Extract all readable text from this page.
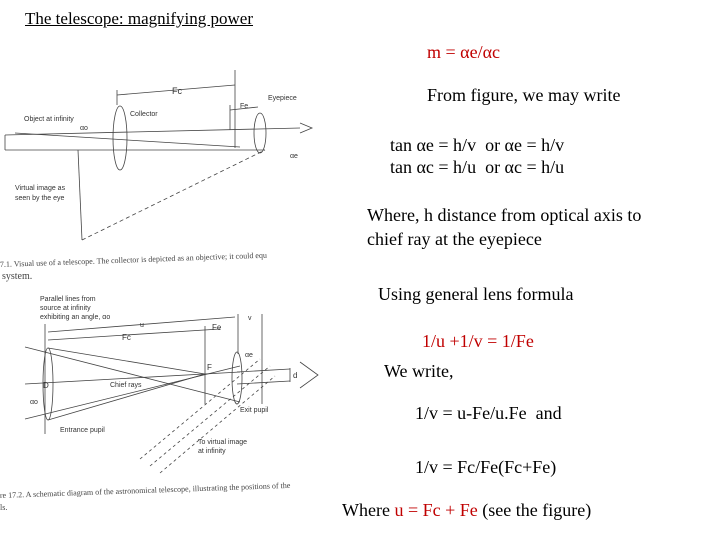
The telescope: magnifying power
m = αe/αc
From figure, we may write
tan αe = h/v  or αe = h/v
tan αc = h/u  or αc = h/u
Where, h distance from optical axis to
chief ray at the eyepiece
Using general lens formula
1/u +1/v = 1/Fe
We write,
1/v = u-Fe/u.Fe  and
1/v = Fc/Fe(Fc+Fe)
Where u = Fc + Fe (see the figure)
Fc
Fe
Eyepiece
Object at infinity
Collector
αo
αe
Virtual image as
seen by the eye
7.1. Visual use of a telescope. The collector is depicted as an objective; it could equ
system.
Parallel lines from
source at infinity
exhibiting an angle, αo
u
v
Fc
Fe
F
D
d
αo
αe
Chief rays
Exit pupil
Entrance pupil
To virtual image
at infinity
re 17.2. A schematic diagram of the astronomical telescope, illustrating the positions of the
ls.
